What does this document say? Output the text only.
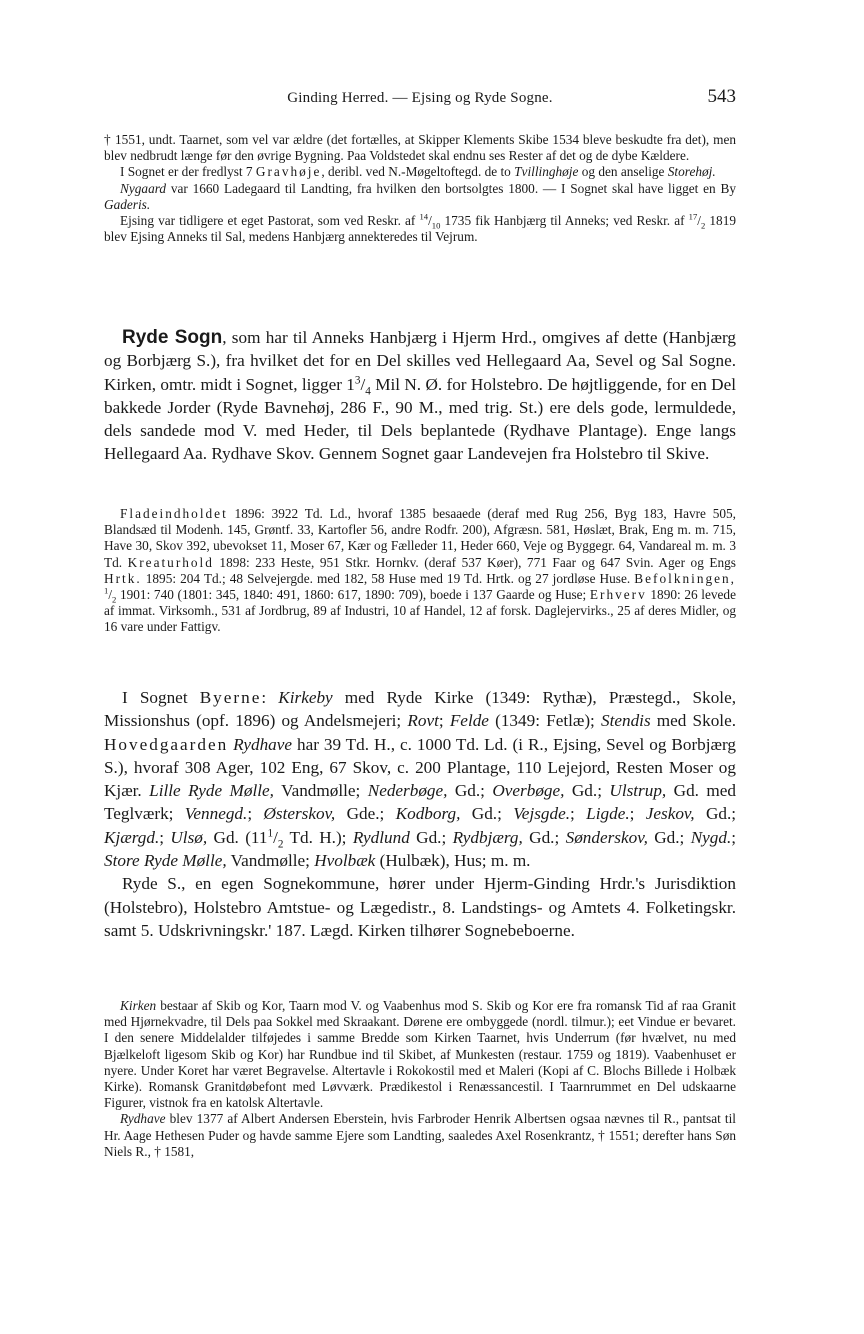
Ginding Herred. — Ejsing og Ryde Sogne.	543

† 1551, undt. Taarnet, som vel var ældre (det fortælles, at Skipper Klements Skibe 1534 bleve beskudte fra det), men blev nedbrudt længe før den øvrige Bygning. Paa Voldstedet skal endnu ses Rester af det og de dybe Kældere.

I Sognet er der fredlyst 7 Gravhøje, deribl. ved N.-Møgeltoftegd. de to Tvillinghøje og den anselige Storehøj.

Nygaard var 1660 Ladegaard til Landting, fra hvilken den bortsolgtes 1800. — I Sognet skal have ligget en By Gaderis.

Ejsing var tidligere et eget Pastorat, som ved Reskr. af $^{14}/_{10}$ 1735 fik Hanbjærg til Anneks; ved Reskr. af $^{17}/_2$ 1819 blev Ejsing Anneks til Sal, medens Hanbjærg annekteredes til Vejrum.

Ryde Sogn, som har til Anneks Hanbjærg i Hjerm Hrd., omgives af dette (Hanbjærg og Borbjærg S.), fra hvilket det for en Del skilles ved Hellegaard Aa, Sevel og Sal Sogne. Kirken, omtr. midt i Sognet, ligger $1^3/_4$ Mil N. Ø. for Holstebro. De højtliggende, for en Del bakkede Jorder (Ryde Bavnehøj, 286 F., 90 M., med trig. St.) ere dels gode, lermuldede, dels sandede mod V. med Heder, til Dels beplantede (Rydhave Plantage). Enge langs Hellegaard Aa. Rydhave Skov. Gennem Sognet gaar Landevejen fra Holstebro til Skive.

Fladeindholdet 1896: 3922 Td. Ld., hvoraf 1385 besaaede (deraf med Rug 256, Byg 183, Havre 505, Blandsæd til Modenh. 145, Grøntf. 33, Kartofler 56, andre Rodfr. 200), Afgræsn. 581, Høslæt, Brak, Eng m. m. 715, Have 30, Skov 392, ubevokset 11, Moser 67, Kær og Fælleder 11, Heder 660, Veje og Byggegr. 64, Vandareal m. m. 3 Td. Kreaturhold 1898: 233 Heste, 951 Stkr. Hornkv. (deraf 537 Køer), 771 Faar og 647 Svin. Ager og Engs Hrtk. 1895: 204 Td.; 48 Selvejergde. med 182, 58 Huse med 19 Td. Hrtk. og 27 jordløse Huse. Befolkningen, $^1/_2$ 1901: 740 (1801: 345, 1840: 491, 1860: 617, 1890: 709), boede i 137 Gaarde og Huse; Erhverv 1890: 26 levede af immat. Virksomh., 531 af Jordbrug, 89 af Industri, 10 af Handel, 12 af forsk. Daglejervirks., 25 af deres Midler, og 16 vare under Fattigv.

I Sognet Byerne: Kirkeby med Ryde Kirke (1349: Rythæ), Præstegd., Skole, Missionshus (opf. 1896) og Andelsmejeri; Rovt; Felde (1349: Fetlæ); Stendis med Skole. Hovedgaarden Rydhave har 39 Td. H., c. 1000 Td. Ld. (i R., Ejsing, Sevel og Borbjærg S.), hvoraf 308 Ager, 102 Eng, 67 Skov, c. 200 Plantage, 110 Lejejord, Resten Moser og Kjær. Lille Ryde Mølle, Vandmølle; Nederbøge, Gd.; Overbøge, Gd.; Ulstrup, Gd. med Teglværk; Vennegd.; Østerskov, Gde.; Kodborg, Gd.; Vejsgde.; Ligde.; Jeskov, Gd.; Kjærgd.; Ulsø, Gd. ($11^1/_2$ Td. H.); Rydlund Gd.; Rydbjærg, Gd.; Sønderskov, Gd.; Nygd.; Store Ryde Mølle, Vandmølle; Hvolbæk (Hulbæk), Hus; m. m.

Ryde S., en egen Sognekommune, hører under Hjerm-Ginding Hrdr.'s Jurisdiktion (Holstebro), Holstebro Amtstue- og Lægedistr., 8. Landstings- og Amtets 4. Folketingskr. samt 5. Udskrivningskr.' 187. Lægd. Kirken tilhører Sognebeboerne.

Kirken bestaar af Skib og Kor, Taarn mod V. og Vaabenhus mod S. Skib og Kor ere fra romansk Tid af raa Granit med Hjørnekvadre, til Dels paa Sokkel med Skraakant. Dørene ere ombyggede (nordl. tilmur.); eet Vindue er bevaret. I den senere Middelalder tilføjedes i samme Bredde som Kirken Taarnet, hvis Underrum (før hvælvet, nu med Bjælkeloft ligesom Skib og Kor) har Rundbue ind til Skibet, af Munkesten (restaur. 1759 og 1819). Vaabenhuset er nyere. Under Koret har været Begravelse. Altertavle i Rokokostil med et Maleri (Kopi af C. Blochs Billede i Holbæk Kirke). Romansk Granitdøbefont med Løvværk. Prædikestol i Renæssancestil. I Taarnrummet en Del udskaarne Figurer, vistnok fra en katolsk Altertavle.

Rydhave blev 1377 af Albert Andersen Eberstein, hvis Farbroder Henrik Albertsen ogsaa nævnes til R., pantsat til Hr. Aage Hethesen Puder og havde samme Ejere som Landting, saaledes Axel Rosenkrantz, † 1551; derefter hans Søn Niels R., † 1581,
